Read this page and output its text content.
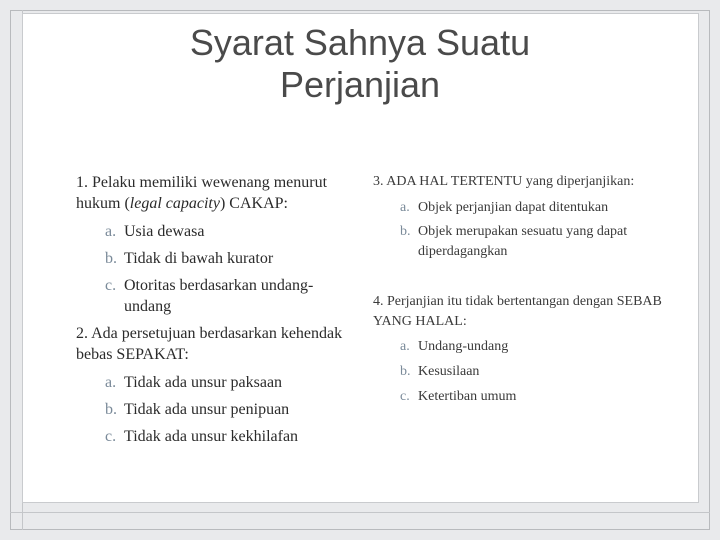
Syarat Sahnya Suatu
Perjanjian

1. Pelaku memiliki wewenang menurut hukum (legal capacity) CAKAP:

a. Usia dewasa
b. Tidak di bawah kurator
c. Otoritas berdasarkan undang-undang

2. Ada persetujuan berdasarkan kehendak bebas SEPAKAT:

a. Tidak ada unsur paksaan
b. Tidak ada unsur penipuan
c. Tidak ada unsur kekhilafan

3. ADA HAL TERTENTU yang diperjanjikan:

a. Objek perjanjian dapat ditentukan
b. Objek merupakan sesuatu yang dapat diperdagangkan

4. Perjanjian itu tidak bertentangan dengan SEBAB YANG HALAL:

a. Undang-undang
b. Kesusilaan
c. Ketertiban umum
